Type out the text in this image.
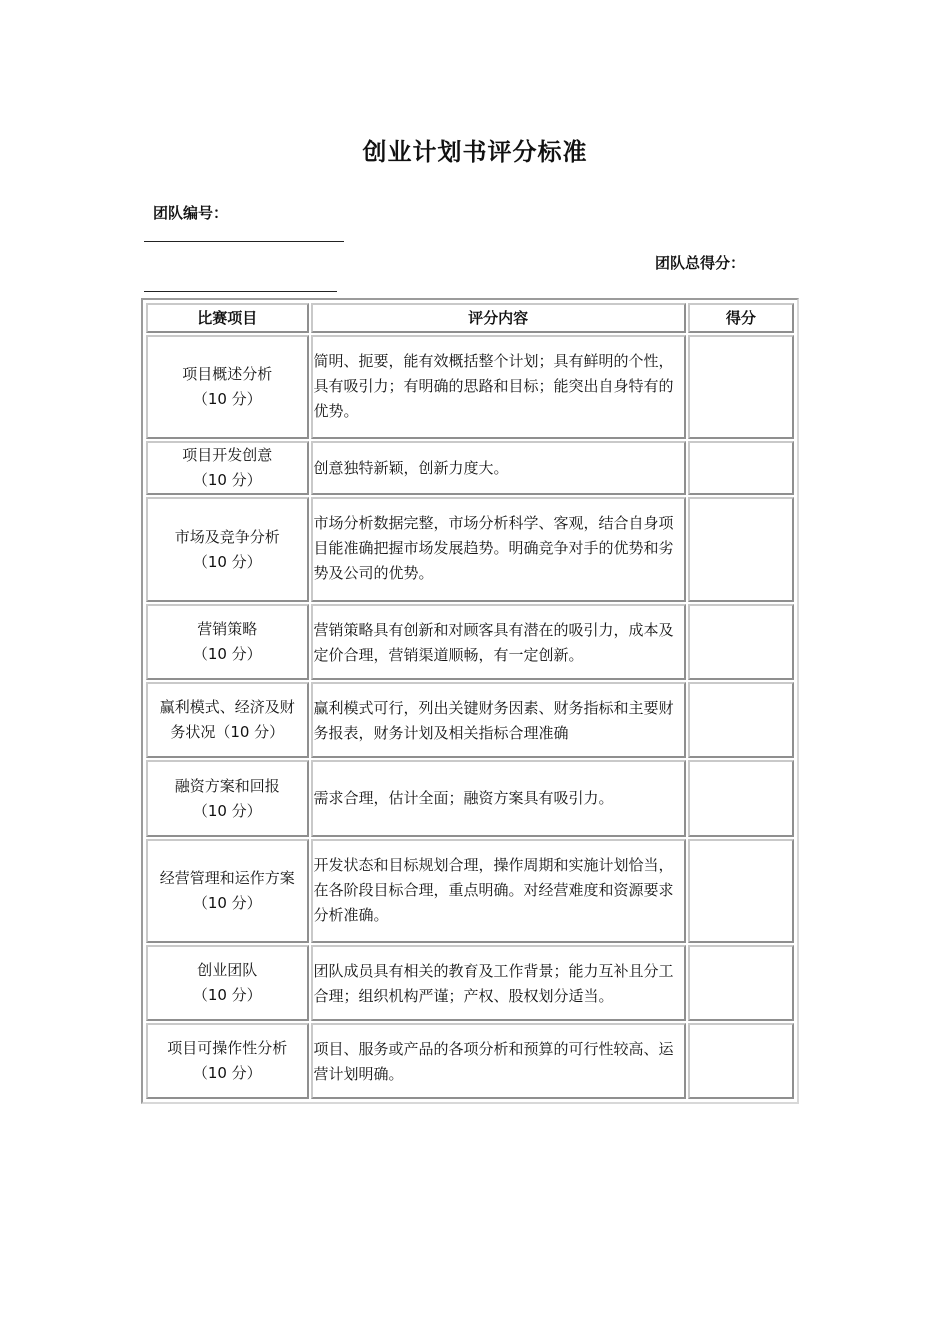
创业计划书评分标准
团队编号：
团队总得分：
比赛项目	评分内容	得分

项目概述分析
（10 分）	简明、扼要，能有效概括整个计划；具有鲜明的个性，具有吸引力；有明确的思路和目标；能突出自身特有的优势。	

项目开发创意
（10 分）	创意独特新颖，创新力度大。	

市场及竞争分析
（10 分）	市场分析数据完整，市场分析科学、客观，结合自身项目能准确把握市场发展趋势。明确竞争对手的优势和劣势及公司的优势。	

营销策略
（10 分）	营销策略具有创新和对顾客具有潜在的吸引力，成本及定价合理，营销渠道顺畅，有一定创新。	

赢利模式、经济及财
务状况（10 分）	赢利模式可行，列出关键财务因素、财务指标和主要财务报表，财务计划及相关指标合理准确	

融资方案和回报
（10 分）	需求合理，估计全面；融资方案具有吸引力。	

经营管理和运作方案
（10 分）	开发状态和目标规划合理，操作周期和实施计划恰当，在各阶段目标合理，重点明确。对经营难度和资源要求分析准确。	

创业团队
（10 分）	团队成员具有相关的教育及工作背景；能力互补且分工合理；组织机构严谨；产权、股权划分适当。	

项目可操作性分析
（10 分）	项目、服务或产品的各项分析和预算的可行性较高、运营计划明确。	
